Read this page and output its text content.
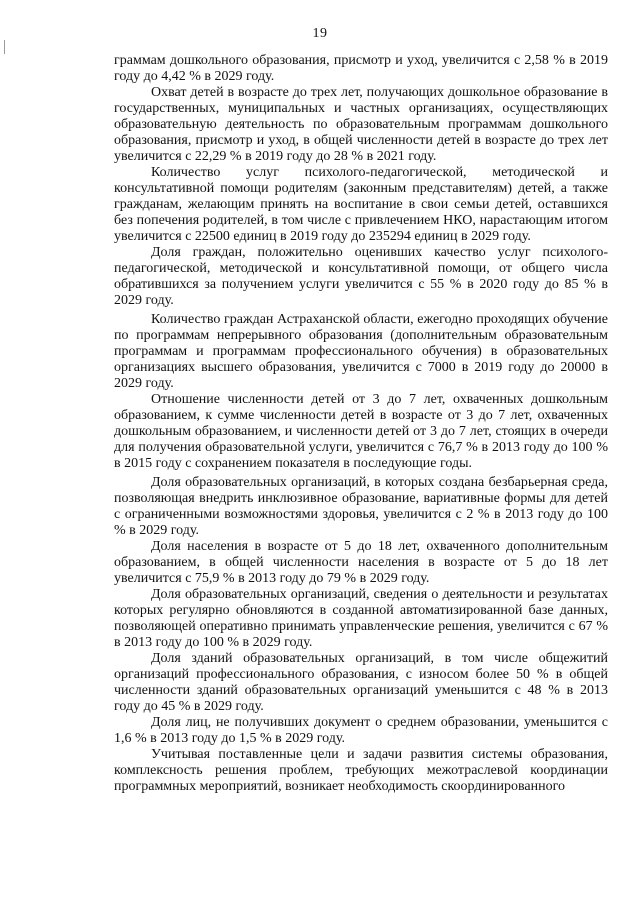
19

граммам дошкольного образования, присмотр и уход, увеличится с 2,58 % в 2019 году до 4,42 % в 2029 году.

Охват детей в возрасте до трех лет, получающих дошкольное образование в государственных, муниципальных и частных организациях, осуществляющих образовательную деятельность по образовательным программам дошкольного образования, присмотр и уход, в общей численности детей в возрасте до трех лет увеличится с 22,29 % в 2019 году до 28 % в 2021 году.

Количество услуг психолого-педагогической, методической и консультативной помощи родителям (законным представителям) детей, а также гражданам, желающим принять на воспитание в свои семьи детей, оставшихся без попечения родителей, в том числе с привлечением НКО, нарастающим итогом увеличится с 22500 единиц в 2019 году до 235294 единиц в 2029 году.

Доля граждан, положительно оценивших качество услуг психолого-педагогической, методической и консультативной помощи, от общего числа обратившихся за получением услуги увеличится с 55 % в 2020 году до 85 % в 2029 году.

Количество граждан Астраханской области, ежегодно проходящих обучение по программам непрерывного образования (дополнительным образовательным программам и программам профессионального обучения) в образовательных организациях высшего образования, увеличится с 7000 в 2019 году до 20000 в 2029 году.

Отношение численности детей от 3 до 7 лет, охваченных дошкольным образованием, к сумме численности детей в возрасте от 3 до 7 лет, охваченных дошкольным образованием, и численности детей от 3 до 7 лет, стоящих в очереди для получения образовательной услуги, увеличится с 76,7 % в 2013 году до 100 % в 2015 году с сохранением показателя в последующие годы.

Доля образовательных организаций, в которых создана безбарьерная среда, позволяющая внедрить инклюзивное образование, вариативные формы для детей с ограниченными возможностями здоровья, увеличится с 2 % в 2013 году до 100 % в 2029 году.

Доля населения в возрасте от 5 до 18 лет, охваченного дополнительным образованием, в общей численности населения в возрасте от 5 до 18 лет увеличится с 75,9 % в 2013 году до 79 % в 2029 году.

Доля образовательных организаций, сведения о деятельности и результатах которых регулярно обновляются в созданной автоматизированной базе данных, позволяющей оперативно принимать управленческие решения, увеличится с 67 % в 2013 году до 100 % в 2029 году.

Доля зданий образовательных организаций, в том числе общежитий организаций профессионального образования, с износом более 50 % в общей численности зданий образовательных организаций уменьшится с 48 % в 2013 году до 45 % в 2029 году.

Доля лиц, не получивших документ о среднем образовании, уменьшится с 1,6 % в 2013 году до 1,5 % в 2029 году.

Учитывая поставленные цели и задачи развития системы образования, комплексность решения проблем, требующих межотраслевой координации программных мероприятий, возникает необходимость скоординированного
